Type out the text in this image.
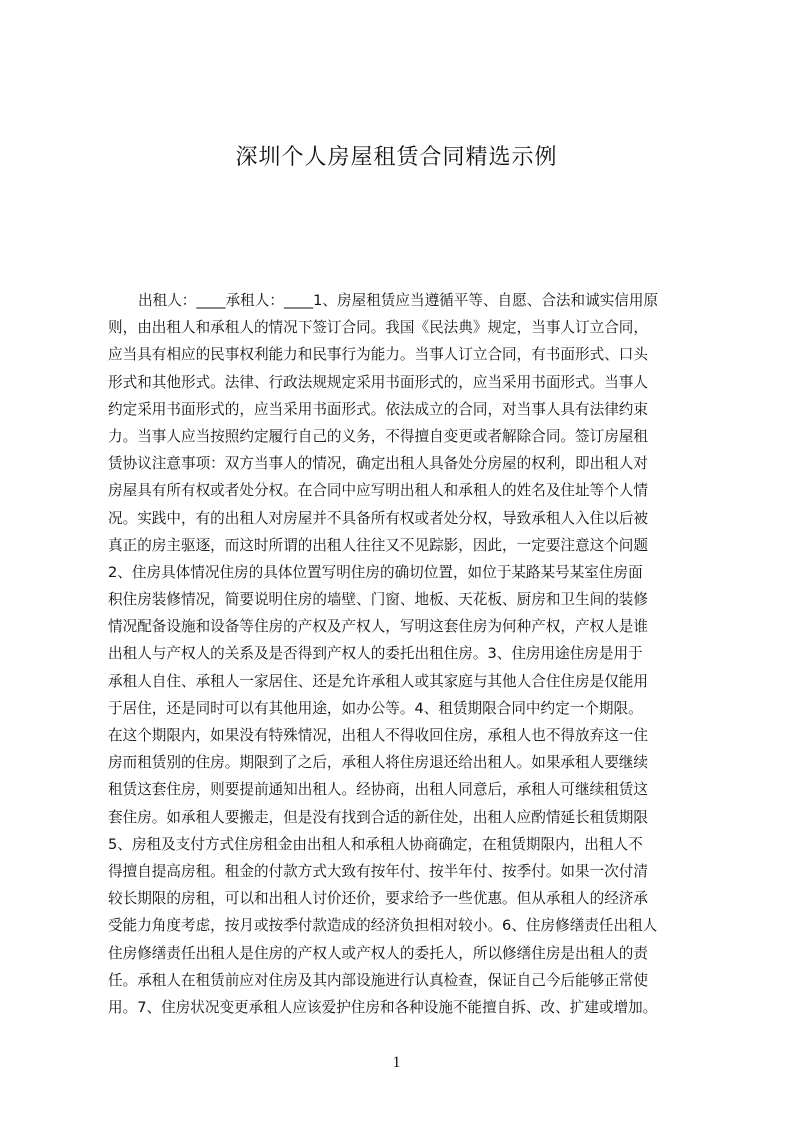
深圳个人房屋租赁合同精选示例
出租人：____承租人：____1、房屋租赁应当遵循平等、自愿、合法和诚实信用原
则，由出租人和承租人的情况下签订合同。我国《民法典》规定，当事人订立合同，
应当具有相应的民事权利能力和民事行为能力。当事人订立合同，有书面形式、口头
形式和其他形式。法律、行政法规规定采用书面形式的，应当采用书面形式。当事人
约定采用书面形式的，应当采用书面形式。依法成立的合同，对当事人具有法律约束
力。当事人应当按照约定履行自己的义务，不得擅自变更或者解除合同。签订房屋租
赁协议注意事项：双方当事人的情况，确定出租人具备处分房屋的权利，即出租人对
房屋具有所有权或者处分权。在合同中应写明出租人和承租人的姓名及住址等个人情
况。实践中，有的出租人对房屋并不具备所有权或者处分权，导致承租人入住以后被
真正的房主驱逐，而这时所谓的出租人往往又不见踪影，因此，一定要注意这个问题
2、住房具体情况住房的具体位置写明住房的确切位置，如位于某路某号某室住房面
积住房装修情况，简要说明住房的墙壁、门窗、地板、天花板、厨房和卫生间的装修
情况配备设施和设备等住房的产权及产权人，写明这套住房为何种产权，产权人是谁
出租人与产权人的关系及是否得到产权人的委托出租住房。3、住房用途住房是用于
承租人自住、承租人一家居住、还是允许承租人或其家庭与其他人合住住房是仅能用
于居住，还是同时可以有其他用途，如办公等。4、租赁期限合同中约定一个期限。
在这个期限内，如果没有特殊情况，出租人不得收回住房，承租人也不得放弃这一住
房而租赁别的住房。期限到了之后，承租人将住房退还给出租人。如果承租人要继续
租赁这套住房，则要提前通知出租人。经协商，出租人同意后，承租人可继续租赁这
套住房。如承租人要搬走，但是没有找到合适的新住处，出租人应酌情延长租赁期限
5、房租及支付方式住房租金由出租人和承租人协商确定，在租赁期限内，出租人不
得擅自提高房租。租金的付款方式大致有按年付、按半年付、按季付。如果一次付清
较长期限的房租，可以和出租人讨价还价，要求给予一些优惠。但从承租人的经济承
受能力角度考虑，按月或按季付款造成的经济负担相对较小。6、住房修缮责任出租人
住房修缮责任出租人是住房的产权人或产权人的委托人，所以修缮住房是出租人的责
任。承租人在租赁前应对住房及其内部设施进行认真检查，保证自己今后能够正常使
用。7、住房状况变更承租人应该爱护住房和各种设施不能擅自拆、改、扩建或增加。
1
